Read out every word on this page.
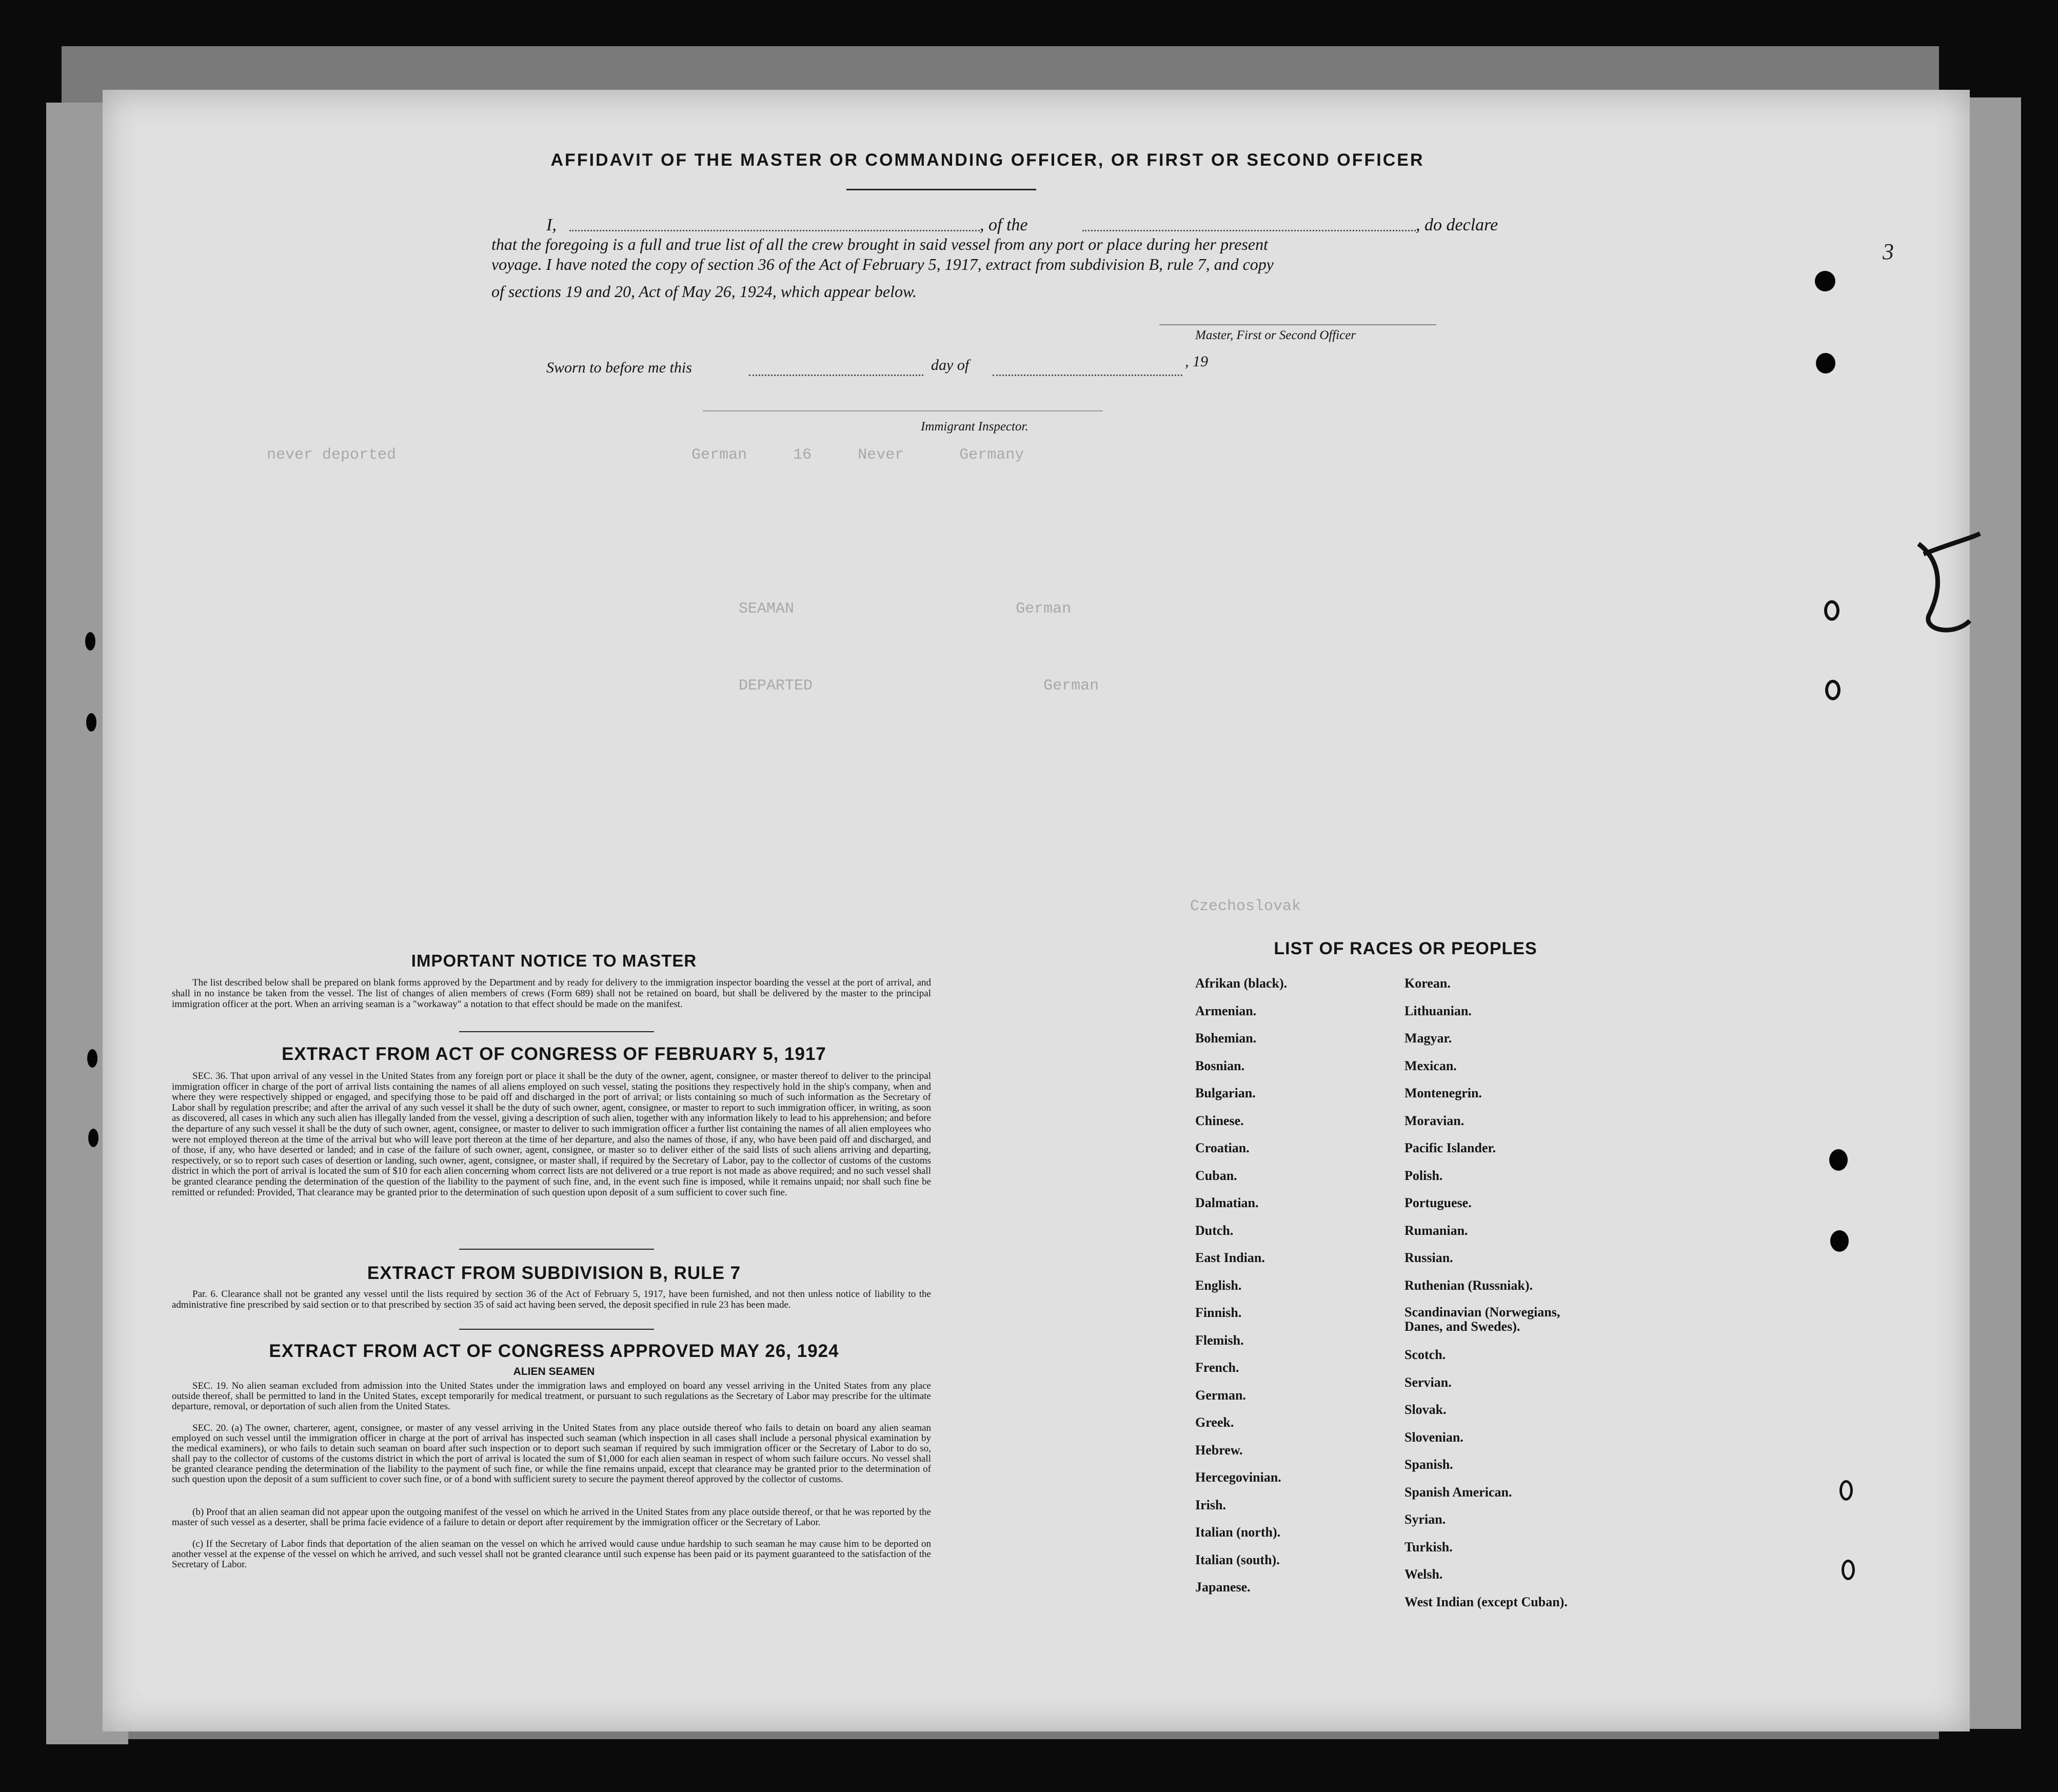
never deported                                German     16     Never      Germany
SEAMAN                        German
DEPARTED                         German
Czechoslovak
AFFIDAVIT OF THE MASTER OR COMMANDING OFFICER, OR FIRST OR SECOND OFFICER
I,	, of the	, do declare
that the foregoing is a full and true list of all the crew brought in said vessel from any port or place during her present
voyage. I have noted the copy of section 36 of the Act of February 5, 1917, extract from subdivision B, rule 7, and copy
of sections 19 and 20, Act of May 26, 1924, which appear below.
Master, First or Second Officer
Sworn to before me this	day of	, 19
Immigrant Inspector.
IMPORTANT NOTICE TO MASTER
The list described below shall be prepared on blank forms approved by the Department and by ready for delivery to the immigration inspector boarding the vessel at the port of arrival, and shall in no instance be taken from the vessel. The list of changes of alien members of crews (Form 689) shall not be retained on board, but shall be delivered by the master to the principal immigration officer at the port. When an arriving seaman is a "workaway" a notation to that effect should be made on the manifest.
EXTRACT FROM ACT OF CONGRESS OF FEBRUARY 5, 1917
SEC. 36. That upon arrival of any vessel in the United States from any foreign port or place it shall be the duty of the owner, agent, consignee, or master thereof to deliver to the principal immigration officer in charge of the port of arrival lists containing the names of all aliens employed on such vessel, stating the positions they respectively hold in the ship's company, when and where they were respectively shipped or engaged, and specifying those to be paid off and discharged in the port of arrival; or lists containing so much of such information as the Secretary of Labor shall by regulation prescribe; and after the arrival of any such vessel it shall be the duty of such owner, agent, consignee, or master to report to such immigration officer, in writing, as soon as discovered, all cases in which any such alien has illegally landed from the vessel, giving a description of such alien, together with any information likely to lead to his apprehension; and before the departure of any such vessel it shall be the duty of such owner, agent, consignee, or master to deliver to such immigration officer a further list containing the names of all alien employees who were not employed thereon at the time of the arrival but who will leave port thereon at the time of her departure, and also the names of those, if any, who have been paid off and discharged, and of those, if any, who have deserted or landed; and in case of the failure of such owner, agent, consignee, or master so to deliver either of the said lists of such aliens arriving and departing, respectively, or so to report such cases of desertion or landing, such owner, agent, consignee, or master shall, if required by the Secretary of Labor, pay to the collector of customs of the customs district in which the port of arrival is located the sum of $10 for each alien concerning whom correct lists are not delivered or a true report is not made as above required; and no such vessel shall be granted clearance pending the determination of the question of the liability to the payment of such fine, and, in the event such fine is imposed, while it remains unpaid; nor shall such fine be remitted or refunded: Provided, That clearance may be granted prior to the determination of such question upon deposit of a sum sufficient to cover such fine.
EXTRACT FROM SUBDIVISION B, RULE 7
Par. 6. Clearance shall not be granted any vessel until the lists required by section 36 of the Act of February 5, 1917, have been furnished, and not then unless notice of liability to the administrative fine prescribed by said section or to that prescribed by section 35 of said act having been served, the deposit specified in rule 23 has been made.
EXTRACT FROM ACT OF CONGRESS APPROVED MAY 26, 1924
ALIEN SEAMEN
SEC. 19. No alien seaman excluded from admission into the United States under the immigration laws and employed on board any vessel arriving in the United States from any place outside thereof, shall be permitted to land in the United States, except temporarily for medical treatment, or pursuant to such regulations as the Secretary of Labor may prescribe for the ultimate departure, removal, or deportation of such alien from the United States.
SEC. 20. (a) The owner, charterer, agent, consignee, or master of any vessel arriving in the United States from any place outside thereof who fails to detain on board any alien seaman employed on such vessel until the immigration officer in charge at the port of arrival has inspected such seaman (which inspection in all cases shall include a personal physical examination by the medical examiners), or who fails to detain such seaman on board after such inspection or to deport such seaman if required by such immigration officer or the Secretary of Labor to do so, shall pay to the collector of customs of the customs district in which the port of arrival is located the sum of $1,000 for each alien seaman in respect of whom such failure occurs. No vessel shall be granted clearance pending the determination of the liability to the payment of such fine, or while the fine remains unpaid, except that clearance may be granted prior to the determination of such question upon the deposit of a sum sufficient to cover such fine, or of a bond with sufficient surety to secure the payment thereof approved by the collector of customs.
(b) Proof that an alien seaman did not appear upon the outgoing manifest of the vessel on which he arrived in the United States from any place outside thereof, or that he was reported by the master of such vessel as a deserter, shall be prima facie evidence of a failure to detain or deport after requirement by the immigration officer or the Secretary of Labor.
(c) If the Secretary of Labor finds that deportation of the alien seaman on the vessel on which he arrived would cause undue hardship to such seaman he may cause him to be deported on another vessel at the expense of the vessel on which he arrived, and such vessel shall not be granted clearance until such expense has been paid or its payment guaranteed to the satisfaction of the Secretary of Labor.
LIST OF RACES OR PEOPLES
Afrikan (black).
Armenian.
Bohemian.
Bosnian.
Bulgarian.
Chinese.
Croatian.
Cuban.
Dalmatian.
Dutch.
East Indian.
English.
Finnish.
Flemish.
French.
German.
Greek.
Hebrew.
Hercegovinian.
Irish.
Italian (north).
Italian (south).
Japanese.
Korean.
Lithuanian.
Magyar.
Mexican.
Montenegrin.
Moravian.
Pacific Islander.
Polish.
Portuguese.
Rumanian.
Russian.
Ruthenian (Russniak).
Scandinavian (Norwegians, Danes, and Swedes).
Scotch.
Servian.
Slovak.
Slovenian.
Spanish.
Spanish American.
Syrian.
Turkish.
Welsh.
West Indian (except Cuban).
3
